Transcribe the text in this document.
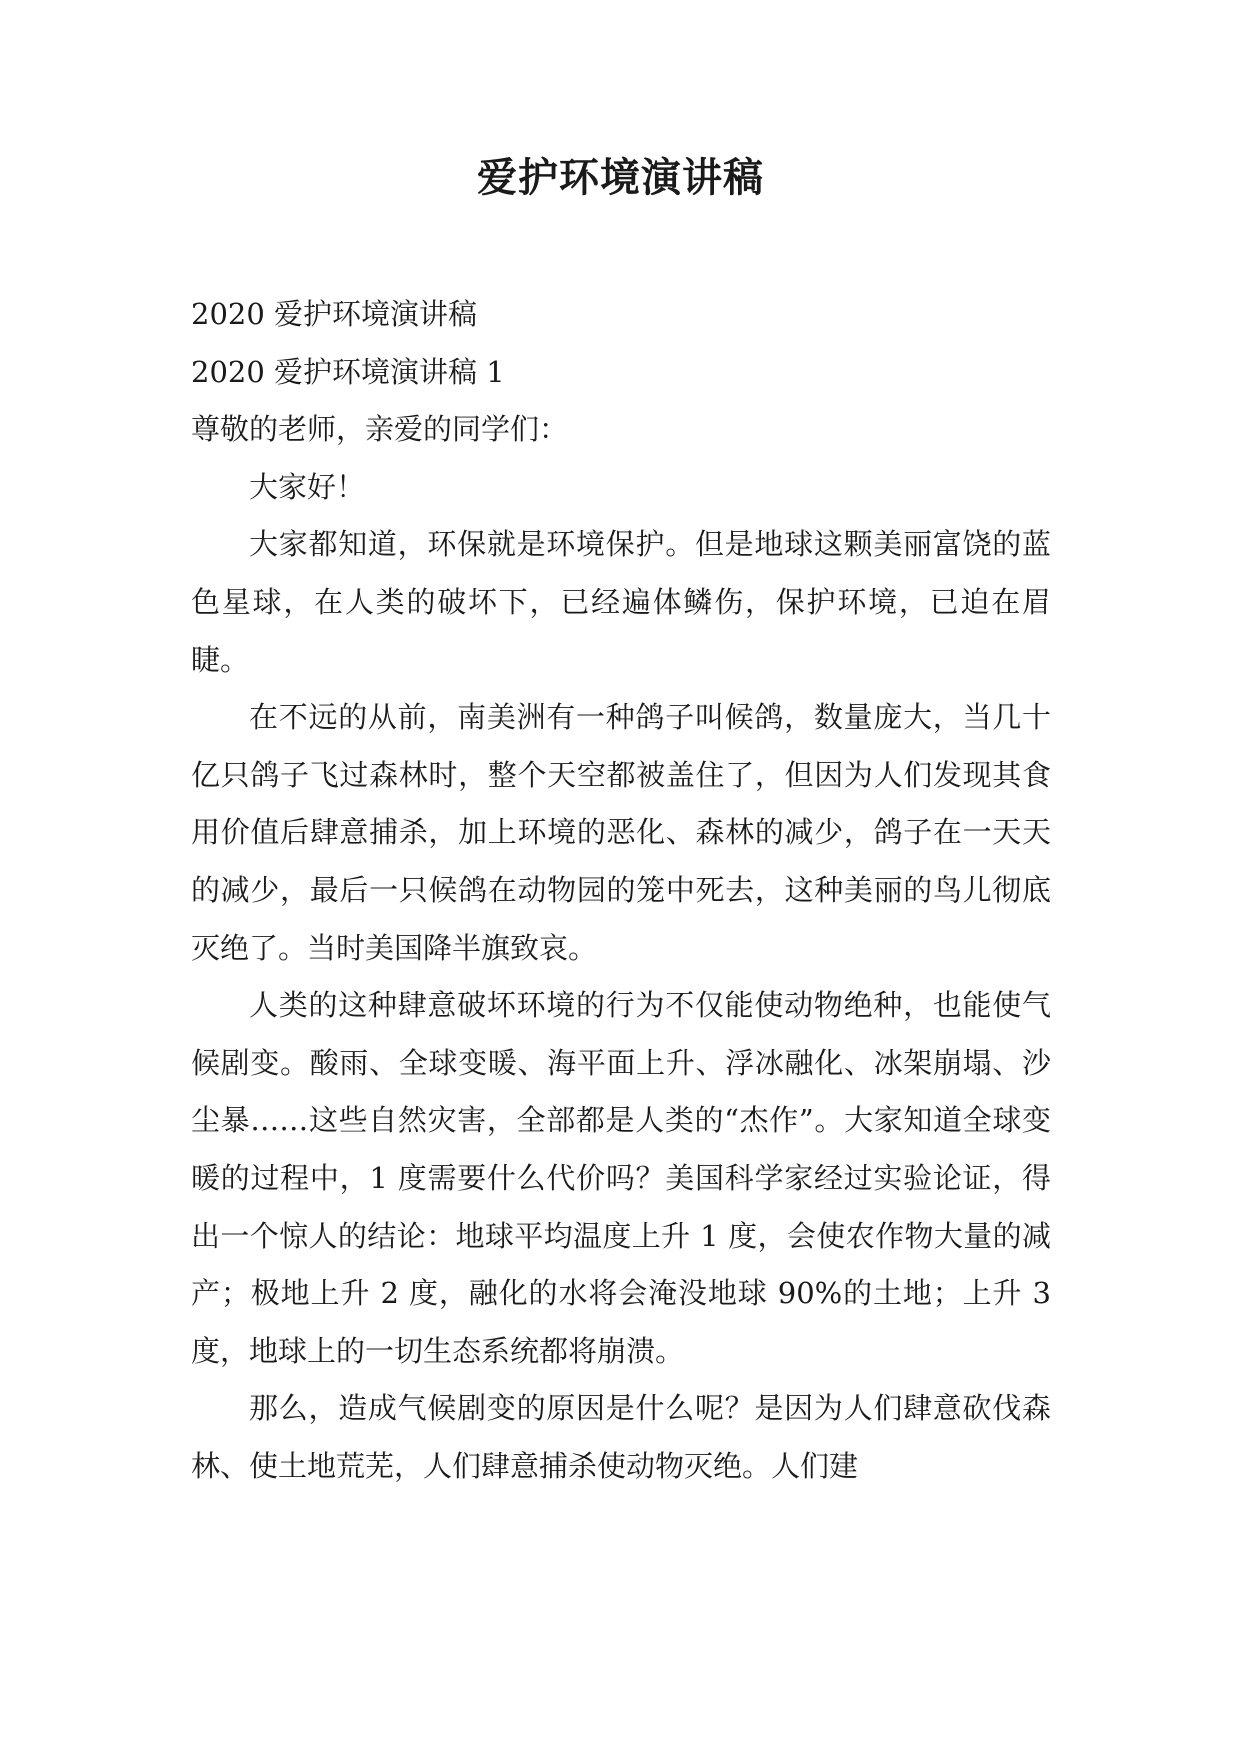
爱护环境演讲稿

2020 爱护环境演讲稿

2020 爱护环境演讲稿 1

尊敬的老师，亲爱的同学们：

大家好！

大家都知道，环保就是环境保护。但是地球这颗美丽富饶的蓝色星球，在人类的破坏下，已经遍体鳞伤，保护环境，已迫在眉睫。

在不远的从前，南美洲有一种鸽子叫候鸽，数量庞大，当几十亿只鸽子飞过森林时，整个天空都被盖住了，但因为人们发现其食用价值后肆意捕杀，加上环境的恶化、森林的减少，鸽子在一天天的减少，最后一只候鸽在动物园的笼中死去，这种美丽的鸟儿彻底灭绝了。当时美国降半旗致哀。

人类的这种肆意破坏环境的行为不仅能使动物绝种，也能使气候剧变。酸雨、全球变暖、海平面上升、浮冰融化、冰架崩塌、沙尘暴……这些自然灾害，全部都是人类的“杰作”。大家知道全球变暖的过程中，1 度需要什么代价吗？美国科学家经过实验论证，得出一个惊人的结论：地球平均温度上升 1 度，会使农作物大量的减产；极地上升 2 度，融化的水将会淹没地球 90%的土地；上升 3 度，地球上的一切生态系统都将崩溃。

那么，造成气候剧变的原因是什么呢？是因为人们肆意砍伐森林、使土地荒芜，人们肆意捕杀使动物灭绝。人们建
